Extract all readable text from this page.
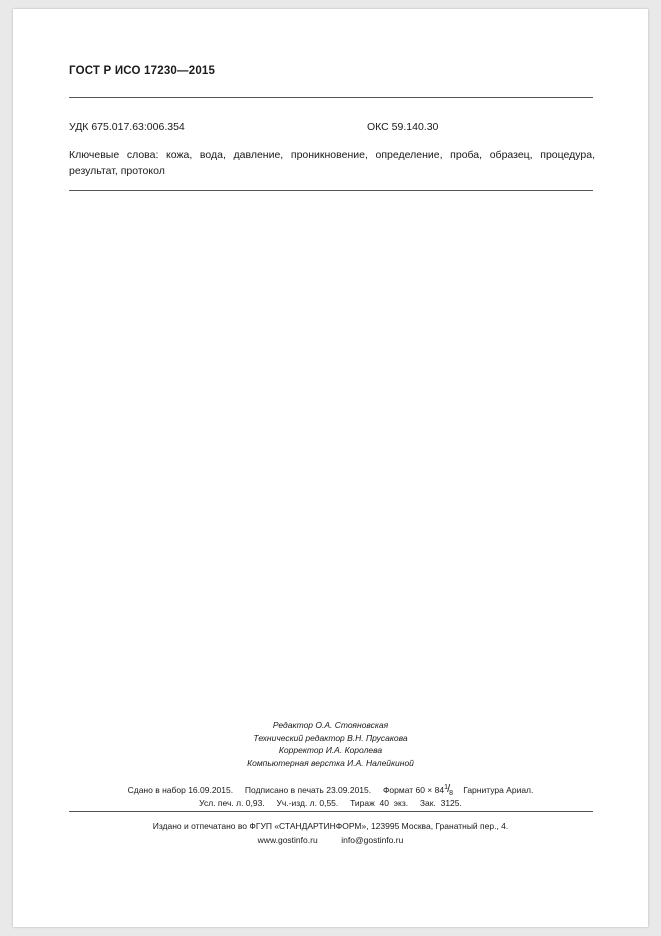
ГОСТ Р ИСО 17230—2015
УДК 675.017.63:006.354	ОКС 59.140.30
Ключевые слова: кожа, вода, давление, проникновение, определение, проба, образец, процедура, результат, протокол
Редактор О.А. Стояновская
Технический редактор В.Н. Прусакова
Корректор И.А. Королева
Компьютерная верстка И.А. Налейкиной
Сдано в набор 16.09.2015. Подписано в печать 23.09.2015. Формат 60 × 84 1 /
8 Гарнитура Ариал.
Усл. печ. л. 0,93. Уч.-изд. л. 0,55. Тираж  40  экз. Зак.  3125.
Издано и отпечатано во ФГУП «СТАНДАРТИНФОРМ», 123995 Москва, Гранатный пер., 4.
www.gostinfo.ru	info@gostinfo.ru
